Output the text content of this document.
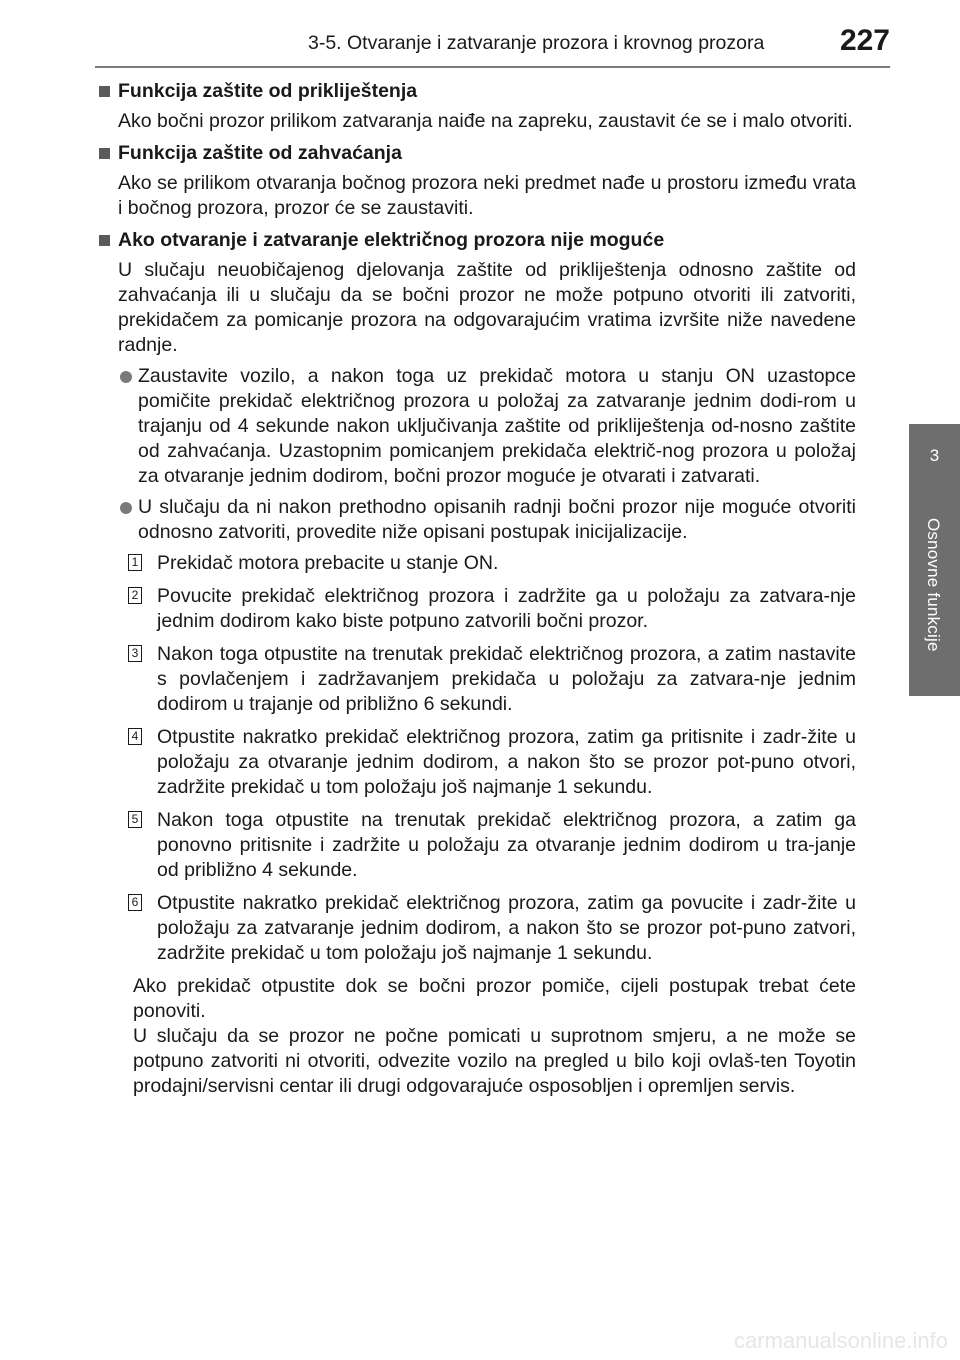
3-5. Otvaranje i zatvaranje prozora i krovnog prozora	227
3
Osnovne funkcije
Funkcija zaštite od prikliještenja
Ako bočni prozor prilikom zatvaranja naiđe na zapreku, zaustavit će se i malo otvoriti.
Funkcija zaštite od zahvaćanja
Ako se prilikom otvaranja bočnog prozora neki predmet nađe u prostoru između vrata i bočnog prozora, prozor će se zaustaviti.
Ako otvaranje i zatvaranje električnog prozora nije moguće
U slučaju neuobičajenog djelovanja zaštite od prikliještenja odnosno zaštite od zahvaćanja ili u slučaju da se bočni prozor ne može potpuno otvoriti ili zatvoriti, prekidačem za pomicanje prozora na odgovarajućim vratima izvršite niže navedene radnje.
Zaustavite vozilo, a nakon toga uz prekidač motora u stanju ON uzastopce pomičite prekidač električnog prozora u položaj za zatvaranje jednim dodi-rom u trajanju od 4 sekunde nakon uključivanja zaštite od prikliještenja od-nosno zaštite od zahvaćanja. Uzastopnim pomicanjem prekidača električ-nog prozora u položaj za otvaranje jednim dodirom, bočni prozor moguće je otvarati i zatvarati.
U slučaju da ni nakon prethodno opisanih radnji bočni prozor nije moguće otvoriti odnosno zatvoriti, provedite niže opisani postupak inicijalizacije.
1 Prekidač motora prebacite u stanje ON.
2 Povucite prekidač električnog prozora i zadržite ga u položaju za zatvara-nje jednim dodirom kako biste potpuno zatvorili bočni prozor.
3 Nakon toga otpustite na trenutak prekidač električnog prozora, a zatim nastavite s povlačenjem i zadržavanjem prekidača u položaju za zatvara-nje jednim dodirom u trajanje od približno 6 sekundi.
4 Otpustite nakratko prekidač električnog prozora, zatim ga pritisnite i zadr-žite u položaju za otvaranje jednim dodirom, a nakon što se prozor pot-puno otvori, zadržite prekidač u tom položaju još najmanje 1 sekundu.
5 Nakon toga otpustite na trenutak prekidač električnog prozora, a zatim ga ponovno pritisnite i zadržite u položaju za otvaranje jednim dodirom u tra-janje od približno 4 sekunde.
6 Otpustite nakratko prekidač električnog prozora, zatim ga povucite i zadr-žite u položaju za zatvaranje jednim dodirom, a nakon što se prozor pot-puno zatvori, zadržite prekidač u tom položaju još najmanje 1 sekundu.
Ako prekidač otpustite dok se bočni prozor pomiče, cijeli postupak trebat ćete ponoviti.
U slučaju da se prozor ne počne pomicati u suprotnom smjeru, a ne može se potpuno zatvoriti ni otvoriti, odvezite vozilo na pregled u bilo koji ovlaš-ten Toyotin prodajni/servisni centar ili drugi odgovarajuće osposobljen i opremljen servis.
carmanualsonline.info
